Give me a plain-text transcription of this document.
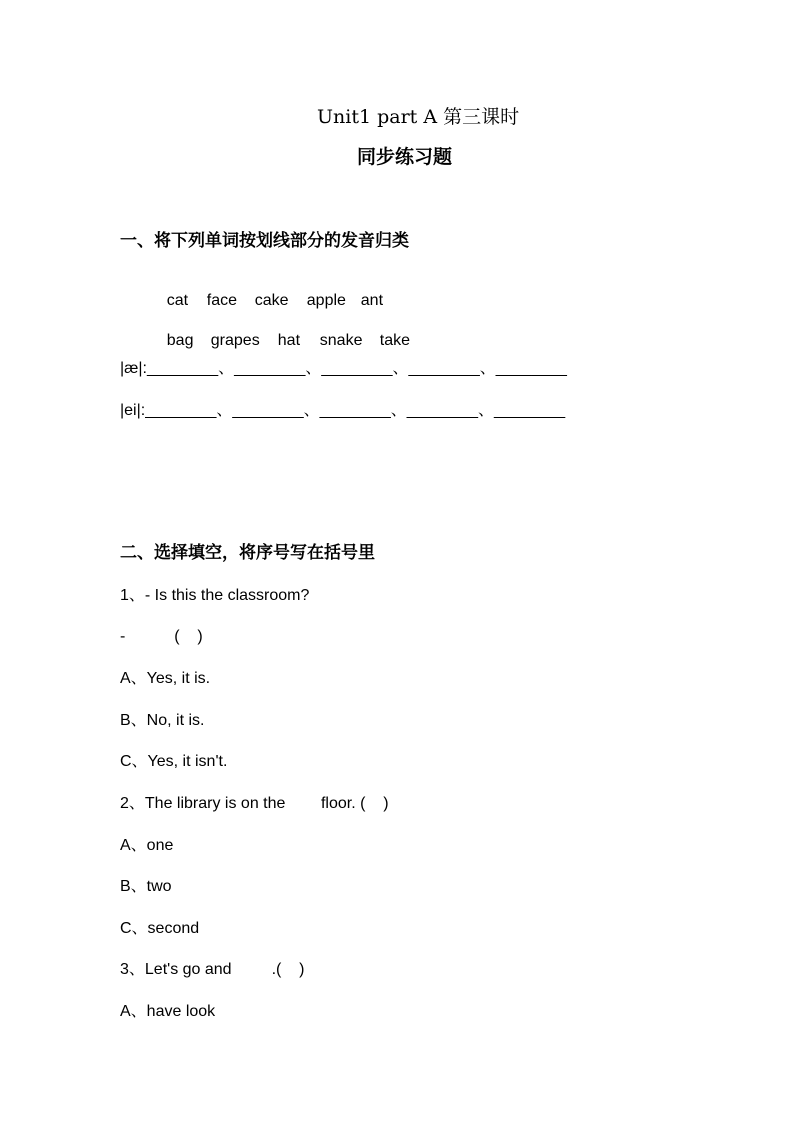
Unit1 part A 第三课时
同步练习题
一、将下列单词按划线部分的发音归类

cat face cake apple ant

bag grapes hat snake take

|æ|:________、________、________、________、________
|ei|:________、________、________、________、________
二、选择填空，将序号写在括号里
1、- Is this the classroom?
-           (    )
A、Yes, it is.
B、No, it is.
C、Yes, it isn't.
2、The library is on the        floor. (    )
A、one
B、two
C、second
3、Let's go and         .(    )
A、have look
